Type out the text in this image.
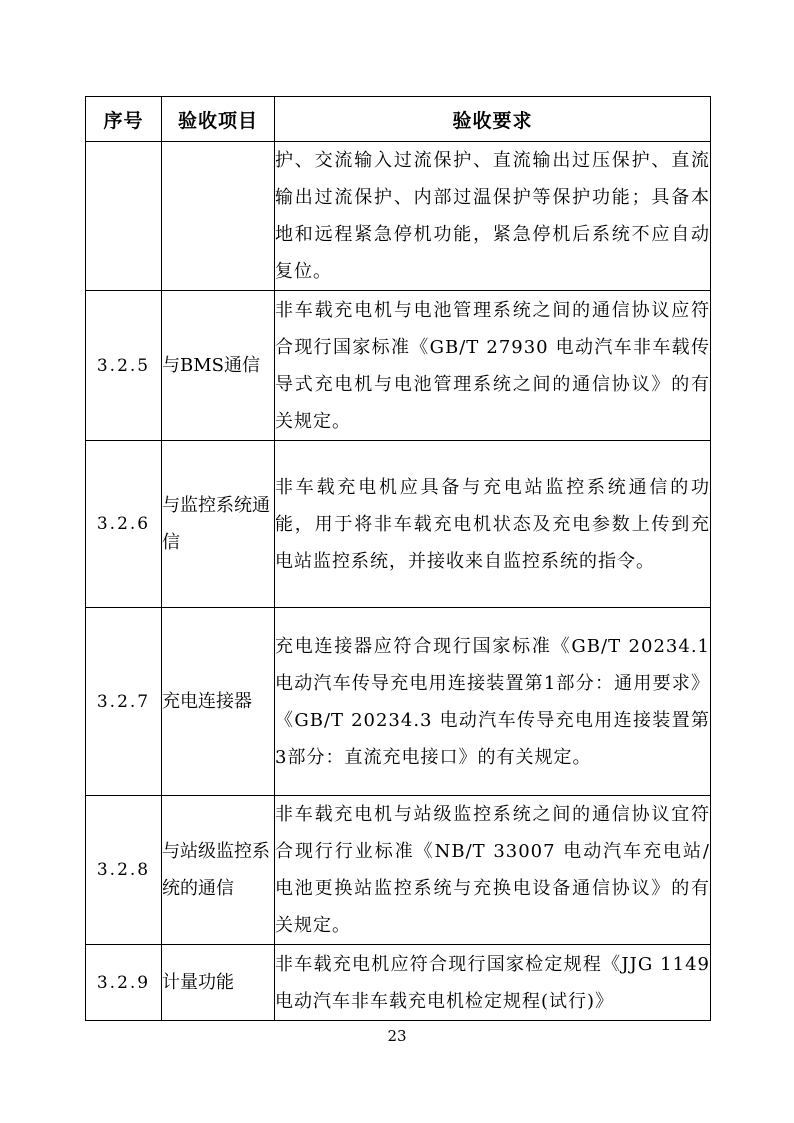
序号	验收项目	验收要求
		护、交流输入过流保护、直流输出过压保护、直流输出过流保护、内部过温保护等保护功能；具备本地和远程紧急停机功能，紧急停机后系统不应自动复位。
3.2.5	与BMS通信	非车载充电机与电池管理系统之间的通信协议应符合现行国家标准《GB/T 27930 电动汽车非车载传导式充电机与电池管理系统之间的通信协议》的有关规定。
3.2.6	与监控系统通信	非车载充电机应具备与充电站监控系统通信的功能，用于将非车载充电机状态及充电参数上传到充电站监控系统，并接收来自监控系统的指令。
3.2.7	充电连接器	充电连接器应符合现行国家标准《GB/T 20234.1 电动汽车传导充电用连接装置第1部分：通用要求》《GB/T 20234.3 电动汽车传导充电用连接装置第3部分：直流充电接口》的有关规定。
3.2.8	与站级监控系统的通信	非车载充电机与站级监控系统之间的通信协议宜符合现行行业标准《NB/T 33007 电动汽车充电站/电池更换站监控系统与充换电设备通信协议》的有关规定。
3.2.9	计量功能	非车载充电机应符合现行国家检定规程《JJG 1149 电动汽车非车载充电机检定规程(试行)》
23
